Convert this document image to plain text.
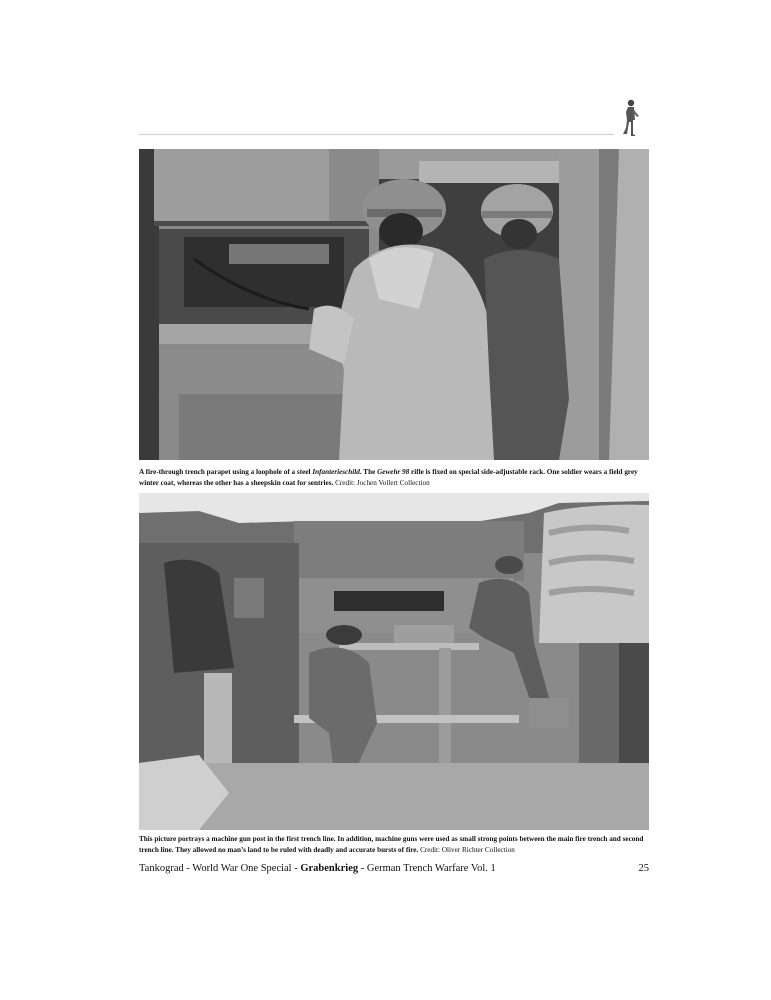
A fire-through trench parapet using a loophole of a steel Infanterieschild. The Gewehr 98 rifle is fixed on special side-adjustable rack. One soldier wears a field grey winter coat, whereas the other has a sheepskin coat for sentries. Credit: Jochen Vollert Collection
This picture portrays a machine gun post in the first trench line. In addition, machine guns were used as small strong points between the main fire trench and second trench line. They allowed no man’s land to be ruled with deadly and accurate bursts of fire. Credit: Oliver Richter Collection
Tankograd - World War One Special - Grabenkrieg - German Trench Warfare Vol. 1	25
